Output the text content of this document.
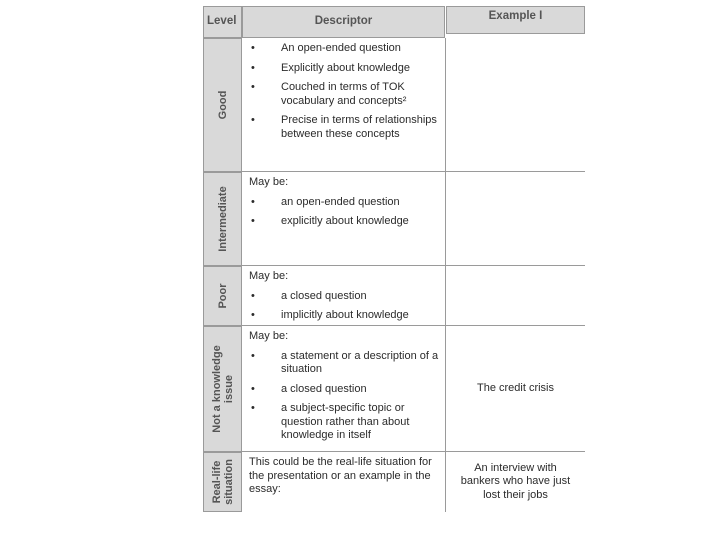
Level	Descriptor	Example I
Good
• An open-ended question
• Explicitly about knowledge
• Couched in terms of TOK vocabulary and concepts²
• Precise in terms of relationships between these concepts
Intermediate
May be:
• an open-ended question
• explicitly about knowledge
Poor
May be:
• a closed question
• implicitly about knowledge
Not a knowledge issue
May be:
• a statement or a description of a situation
• a closed question
• a subject-specific topic or question rather than about knowledge in itself
The credit crisis
Real-life situation This could be the real-life situation for the presentation or an example in the essay:
An interview with bankers who have just lost their jobs
